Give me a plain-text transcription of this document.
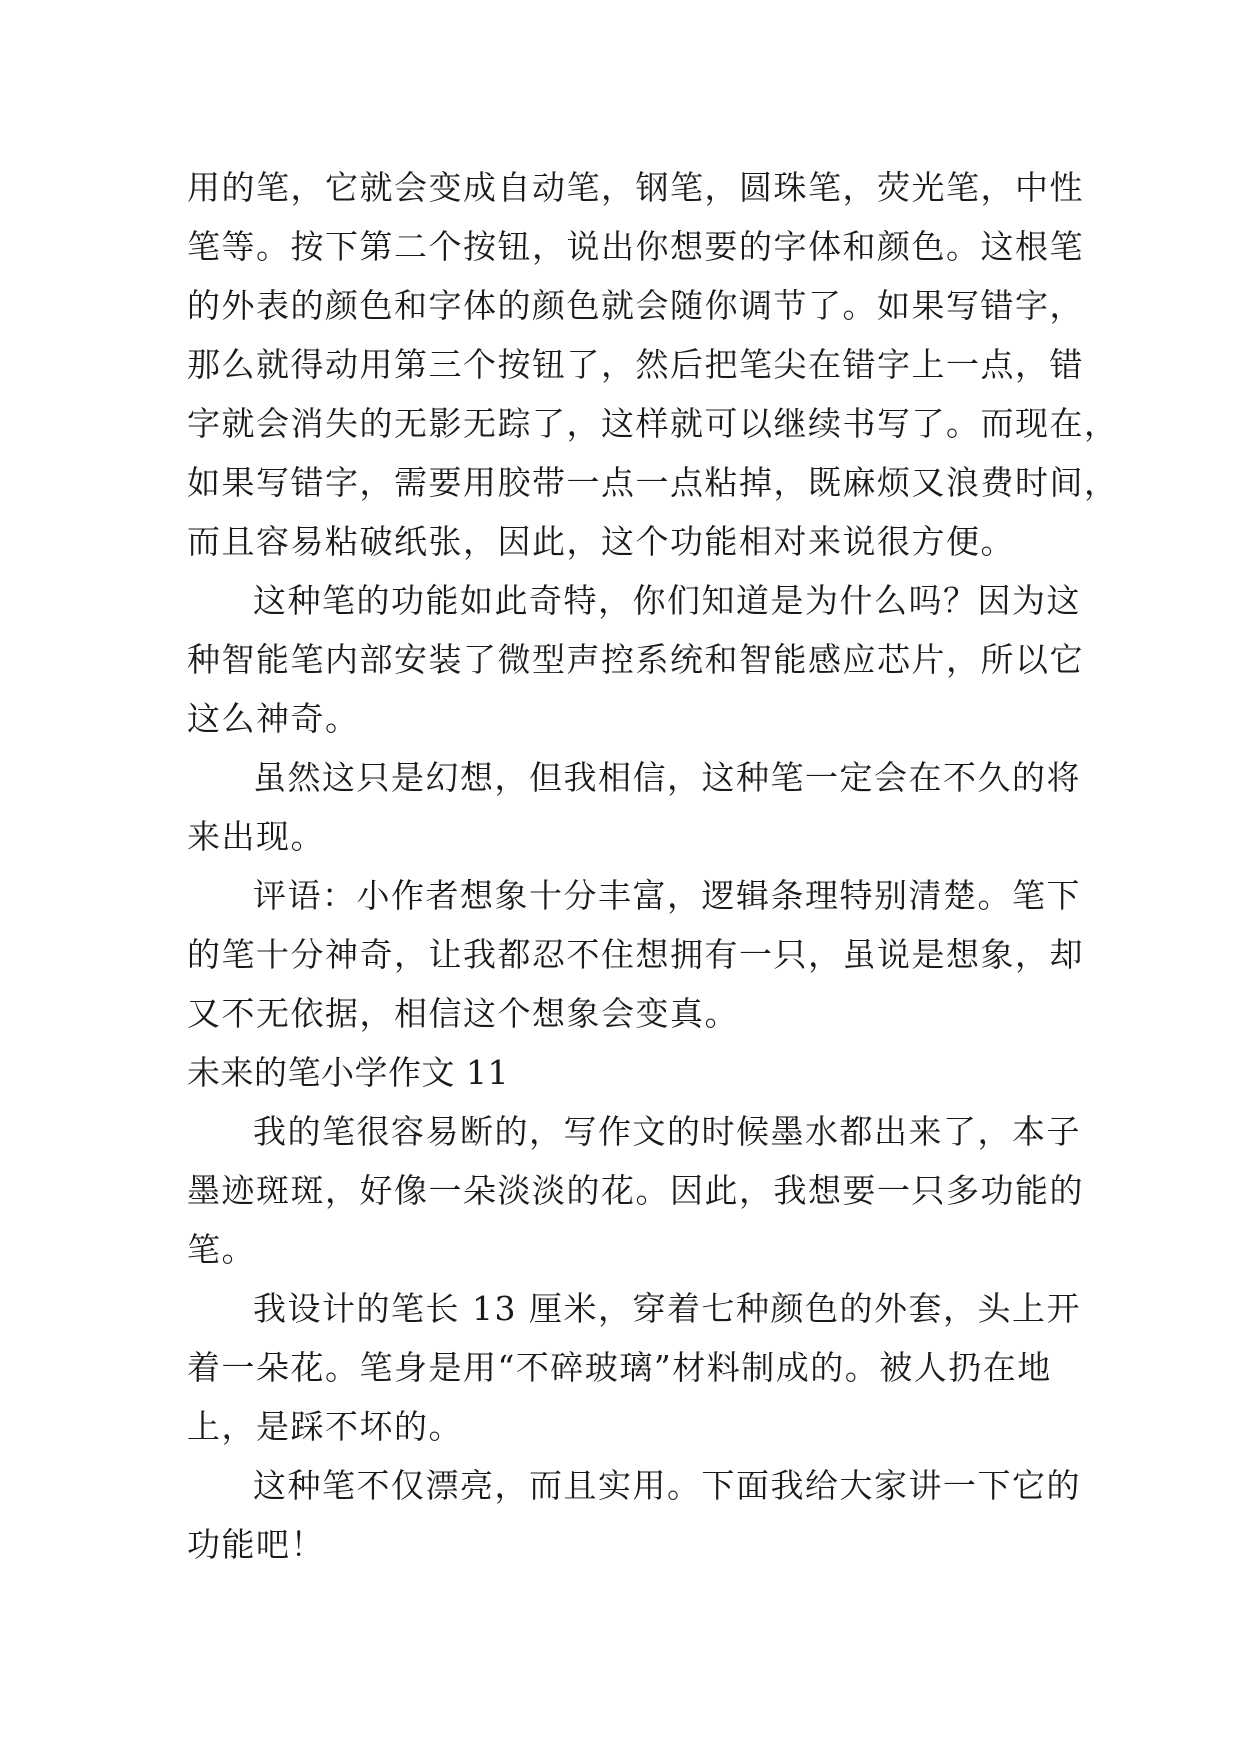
用的笔，它就会变成自动笔，钢笔，圆珠笔，荧光笔，中性
笔等。按下第二个按钮，说出你想要的字体和颜色。这根笔
的外表的颜色和字体的颜色就会随你调节了。如果写错字，
那么就得动用第三个按钮了，然后把笔尖在错字上一点，错
字就会消失的无影无踪了，这样就可以继续书写了。而现在，
如果写错字，需要用胶带一点一点粘掉，既麻烦又浪费时间，
而且容易粘破纸张，因此，这个功能相对来说很方便。
这种笔的功能如此奇特，你们知道是为什么吗？因为这
种智能笔内部安装了微型声控系统和智能感应芯片，所以它
这么神奇。
虽然这只是幻想，但我相信，这种笔一定会在不久的将
来出现。
评语：小作者想象十分丰富，逻辑条理特别清楚。笔下
的笔十分神奇，让我都忍不住想拥有一只，虽说是想象，却
又不无依据，相信这个想象会变真。
未来的笔小学作文 11
我的笔很容易断的，写作文的时候墨水都出来了，本子
墨迹斑斑，好像一朵淡淡的花。因此，我想要一只多功能的
笔。
我设计的笔长 13 厘米，穿着七种颜色的外套，头上开
着一朵花。笔身是用“不碎玻璃”材料制成的。被人扔在地
上，是踩不坏的。
这种笔不仅漂亮，而且实用。下面我给大家讲一下它的
功能吧！
